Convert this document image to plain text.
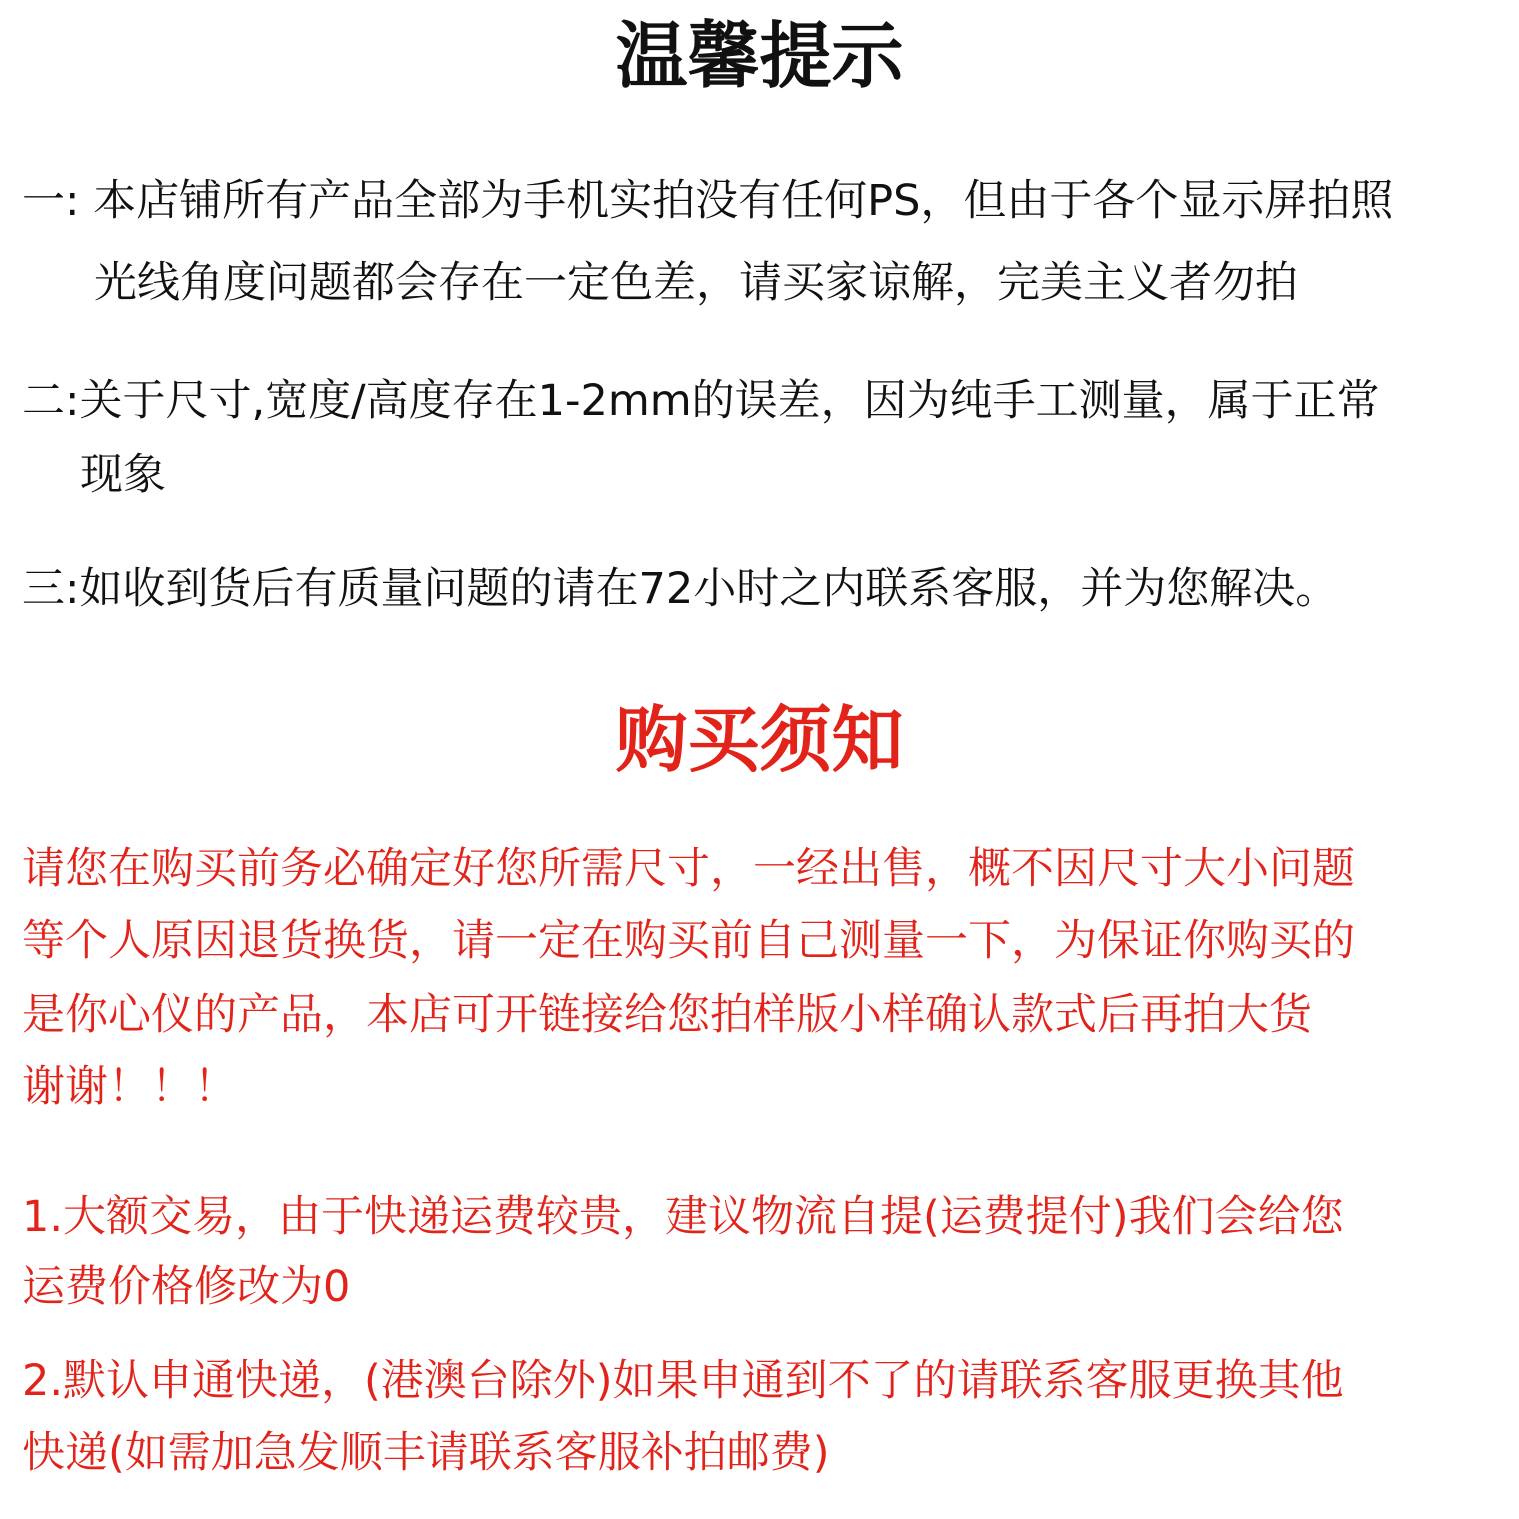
温馨提示
一: 本店铺所有产品全部为手机实拍没有任何PS，但由于各个显示屏拍照
光线角度问题都会存在一定色差，请买家谅解，完美主义者勿拍
二:关于尺寸,宽度/高度存在1-2mm的误差，因为纯手工测量，属于正常
现象
三:如收到货后有质量问题的请在72小时之内联系客服，并为您解决。
购买须知
请您在购买前务必确定好您所需尺寸，一经出售，概不因尺寸大小问题
等个人原因退货换货，请一定在购买前自己测量一下，为保证你购买的
是你心仪的产品，本店可开链接给您拍样版小样确认款式后再拍大货
谢谢！！！
1.大额交易，由于快递运费较贵，建议物流自提(运费提付)我们会给您
运费价格修改为0
2.默认申通快递，(港澳台除外)如果申通到不了的请联系客服更换其他
快递(如需加急发顺丰请联系客服补拍邮费)
